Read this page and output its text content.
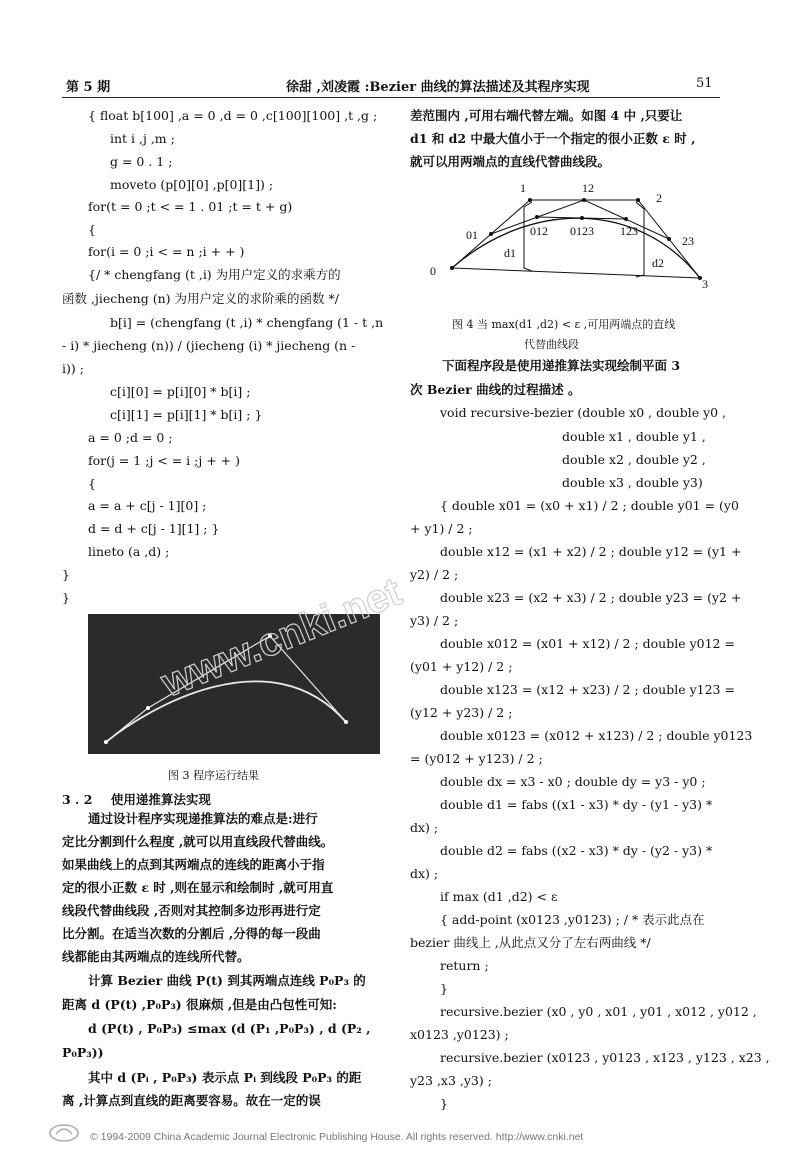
第 5 期	徐甜 ,刘凌霞 :Bezier 曲线的算法描述及其程序实现	51
{ float b[100] ,a = 0 ,d = 0 ,c[100][100] ,t ,g ;
int i ,j ,m ;
g = 0 . 1 ;
moveto (p[0][0] ,p[0][1]) ;
for(t = 0 ;t < = 1 . 01 ;t = t + g)
{
for(i = 0 ;i < = n ;i + + )
{/ * chengfang (t ,i) 为用户定义的求乘方的
函数 ,jiecheng (n) 为用户定义的求阶乘的函数 */
b[i] = (chengfang (t ,i) * chengfang (1 - t ,n
- i) * jiecheng (n)) / (jiecheng (i) * jiecheng (n -
i)) ;
c[i][0] = p[i][0] * b[i] ;
c[i][1] = p[i][1] * b[i] ; }
a = 0 ;d = 0 ;
for(j = 1 ;j < = i ;j + + )
{
a = a + c[j - 1][0] ;
d = d + c[j - 1][1] ; }
lineto (a ,d) ;
}
} www.cnki.net
图 3 程序运行结果
3 . 2 使用递推算法实现
通过设计程序实现递推算法的难点是:进行
定比分割到什么程度 ,就可以用直线段代替曲线。
如果曲线上的点到其两端点的连线的距离小于指
定的很小正数 ε 时 ,则在显示和绘制时 ,就可用直
线段代替曲线段 ,否则对其控制多边形再进行定
比分割。在适当次数的分割后 ,分得的每一段曲
线都能由其两端点的连线所代替。
计算 Bezier 曲线 P(t) 到其两端点连线 P₀P₃ 的
距离 d (P(t) ,P₀P₃) 很麻烦 ,但是由凸包性可知:
d (P(t) , P₀P₃) ≤max (d (P₁ ,P₀P₃) , d (P₂ ,
P₀P₃))
其中 d (Pᵢ , P₀P₃) 表示点 Pᵢ 到线段 P₀P₃ 的距
离 ,计算点到直线的距离要容易。故在一定的误
差范围内 ,可用右端代替左端。如图 4 中 ,只要让
d1 和 d2 中最大值小于一个指定的很小正数 ε 时 ,
就可以用两端点的直线代替曲线段。
0
1	12
2
01	012 0123 123
23
3
d1
d2
图 4 当 max(d1 ,d2) < ε ,可用两端点的直线
代替曲线段
下面程序段是使用递推算法实现绘制平面 3
次 Bezier 曲线的过程描述 。
void recursive-bezier (double x0 , double y0 ,
double x1 , double y1 ,
double x2 , double y2 ,
double x3 , double y3)
{ double x01 = (x0 + x1) / 2 ; double y01 = (y0
+ y1) / 2 ;
double x12 = (x1 + x2) / 2 ; double y12 = (y1 +
y2) / 2 ;
double x23 = (x2 + x3) / 2 ; double y23 = (y2 +
y3) / 2 ;
double x012 = (x01 + x12) / 2 ; double y012 =
(y01 + y12) / 2 ;
double x123 = (x12 + x23) / 2 ; double y123 =
(y12 + y23) / 2 ;
double x0123 = (x012 + x123) / 2 ; double y0123
= (y012 + y123) / 2 ;
double dx = x3 - x0 ; double dy = y3 - y0 ;
double d1 = fabs ((x1 - x3) * dy - (y1 - y3) *
dx) ;
double d2 = fabs ((x2 - x3) * dy - (y2 - y3) *
dx) ;
if max (d1 ,d2) < ε
{ add-point (x0123 ,y0123) ; / * 表示此点在
bezier 曲线上 ,从此点又分了左右两曲线 */
return ;
}
recursive.bezier (x0 , y0 , x01 , y01 , x012 , y012 ,
x0123 ,y0123) ;
recursive.bezier (x0123 , y0123 , x123 , y123 , x23 ,
y23 ,x3 ,y3) ;
}
© 1994-2009 China Academic Journal Electronic Publishing House. All rights reserved. http://www.cnki.net
